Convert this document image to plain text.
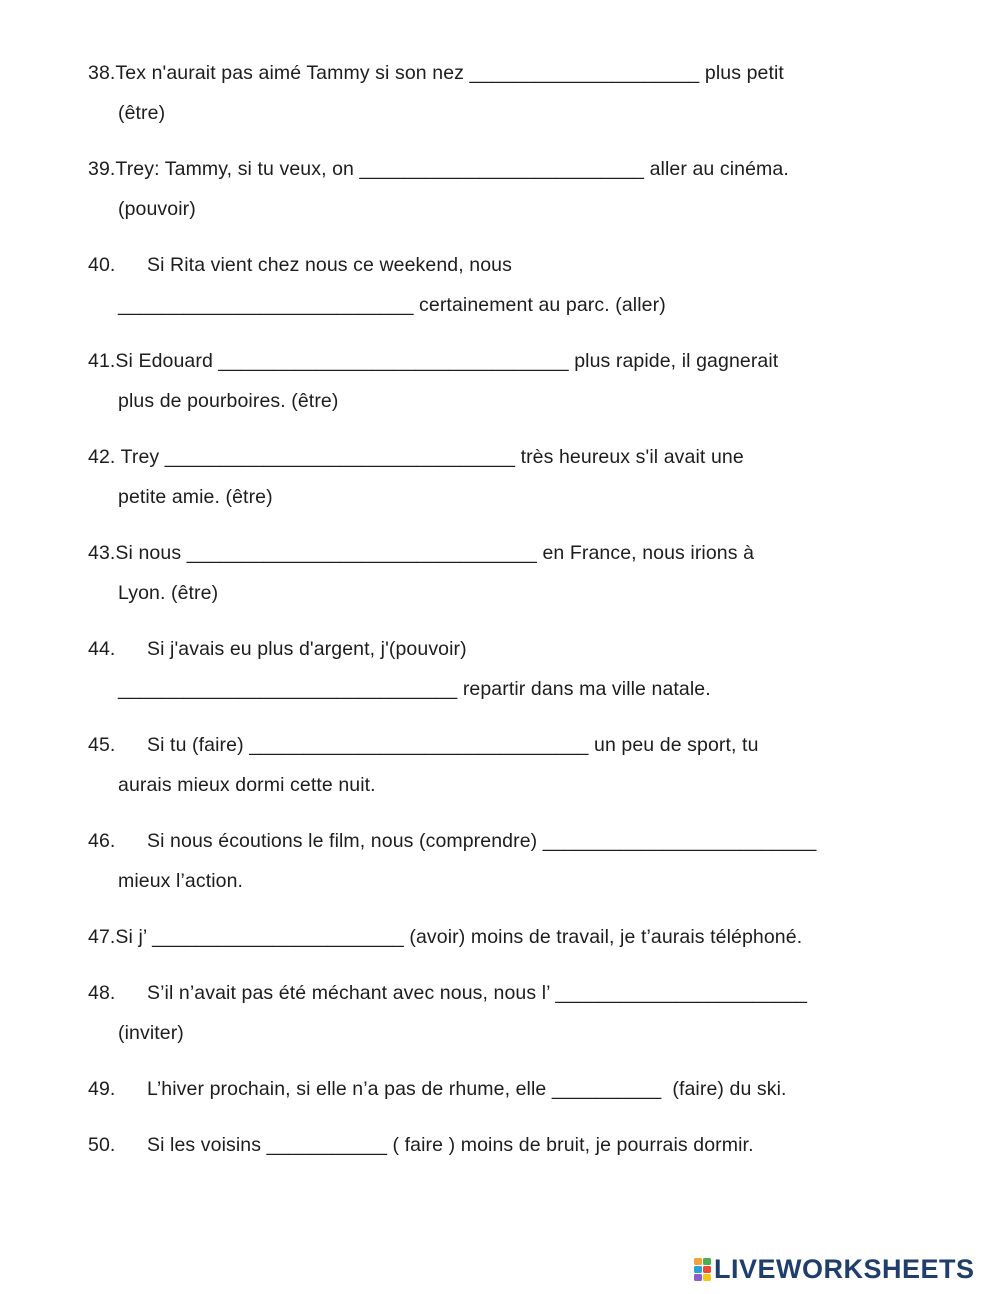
38.Tex n'aurait pas aimé Tammy si son nez _____________________ plus petit
(être)
39.Trey: Tammy, si tu veux, on __________________________ aller au cinéma.
(pouvoir)
40. Si Rita vient chez nous ce weekend, nous
___________________________ certainement au parc. (aller)
41.Si Edouard ________________________________ plus rapide, il gagnerait
plus de pourboires. (être)
42. Trey ________________________________ très heureux s'il avait une
petite amie. (être)
43.Si nous ________________________________ en France, nous irions à
Lyon. (être)
44. Si j'avais eu plus d'argent, j'(pouvoir)
_______________________________ repartir dans ma ville natale.
45. Si tu (faire) _______________________________ un peu de sport, tu
aurais mieux dormi cette nuit.
46. Si nous écoutions le film, nous (comprendre) _________________________
mieux l’action.
47.Si j’ _______________________ (avoir) moins de travail, je t’aurais téléphoné.
48. S’il n’avait pas été méchant avec nous, nous l’ _______________________
(inviter)
49. L’hiver prochain, si elle n’a pas de rhume, elle __________  (faire) du ski.
50. Si les voisins ___________ ( faire ) moins de bruit, je pourrais dormir.
LIVEWORKSHEETS
